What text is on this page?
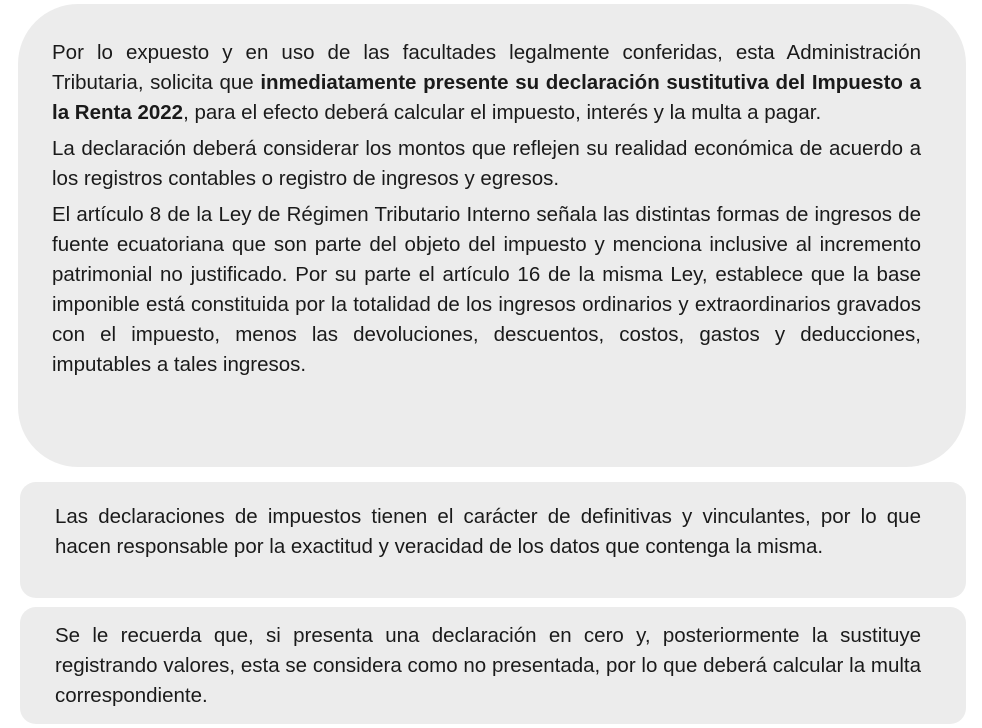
Por lo expuesto y en uso de las facultades legalmente conferidas, esta Administración Tributaria, solicita que inmediatamente presente su declaración sustitutiva del Impuesto a la Renta 2022, para el efecto deberá calcular el impuesto, interés y la multa a pagar.

La declaración deberá considerar los montos que reflejen su realidad económica de acuerdo a los registros contables o registro de ingresos y egresos.

El artículo 8 de la Ley de Régimen Tributario Interno señala las distintas formas de ingresos de fuente ecuatoriana que son parte del objeto del impuesto y menciona inclusive al incremento patrimonial no justificado. Por su parte el artículo 16 de la misma Ley, establece que la base imponible está constituida por la totalidad de los ingresos ordinarios y extraordinarios gravados con el impuesto, menos las devoluciones, descuentos, costos, gastos y deducciones, imputables a tales ingresos.

Las declaraciones de impuestos tienen el carácter de definitivas y vinculantes, por lo que hacen responsable por la exactitud y veracidad de los datos que contenga la misma.

Se le recuerda que, si presenta una declaración en cero y, posteriormente la sustituye registrando valores, esta se considera como no presentada, por lo que deberá calcular la multa correspondiente.
